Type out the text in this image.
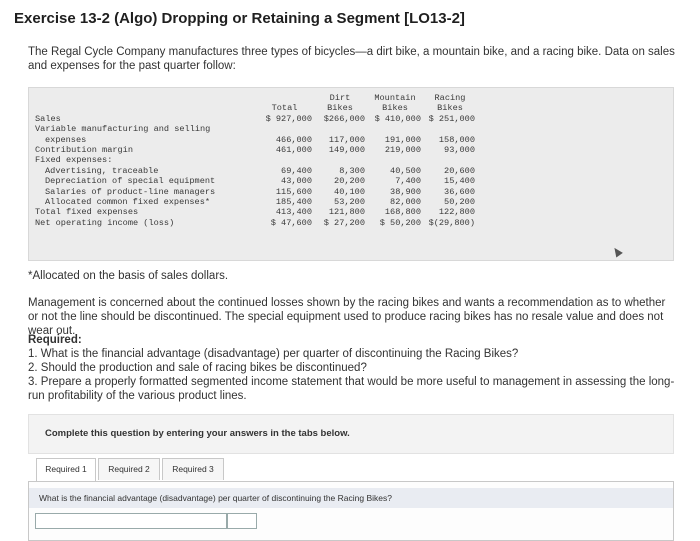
Exercise 13-2 (Algo) Dropping or Retaining a Segment [LO13-2]
The Regal Cycle Company manufactures three types of bicycles—a dirt bike, a mountain bike, and a racing bike. Data on sales and expenses for the past quarter follow:
Dirt	Mountain	Racing
Total	Bikes	Bikes	Bikes
Sales	$ 927,000	$266,000	$ 410,000 $ 251,000
Variable manufacturing and selling
expenses	466,000	117,000	191,000	158,000
Contribution margin	461,000	149,000	219,000	93,000
Fixed expenses:
Advertising, traceable	69,400	8,300	40,500	20,600
Depreciation of special equipment	43,000	20,200	7,400	15,400
Salaries of product-line managers	115,600	40,100	38,900	36,600
Allocated common fixed expenses*	185,400	53,200	82,000	50,200
Total fixed expenses	413,400	121,800	168,800	122,800
Net operating income (loss)	$ 47,600	$ 27,200	$ 50,200 $(29,800)
*Allocated on the basis of sales dollars.
Management is concerned about the continued losses shown by the racing bikes and wants a recommendation as to whether or not the line should be discontinued. The special equipment used to produce racing bikes has no resale value and does not wear out.
Required:
1. What is the financial advantage (disadvantage) per quarter of discontinuing the Racing Bikes?
2. Should the production and sale of racing bikes be discontinued?
3. Prepare a properly formatted segmented income statement that would be more useful to management in assessing the long-run profitability of the various product lines.
Complete this question by entering your answers in the tabs below.
Required 1	Required 2	Required 3
What is the financial advantage (disadvantage) per quarter of discontinuing the Racing Bikes?
